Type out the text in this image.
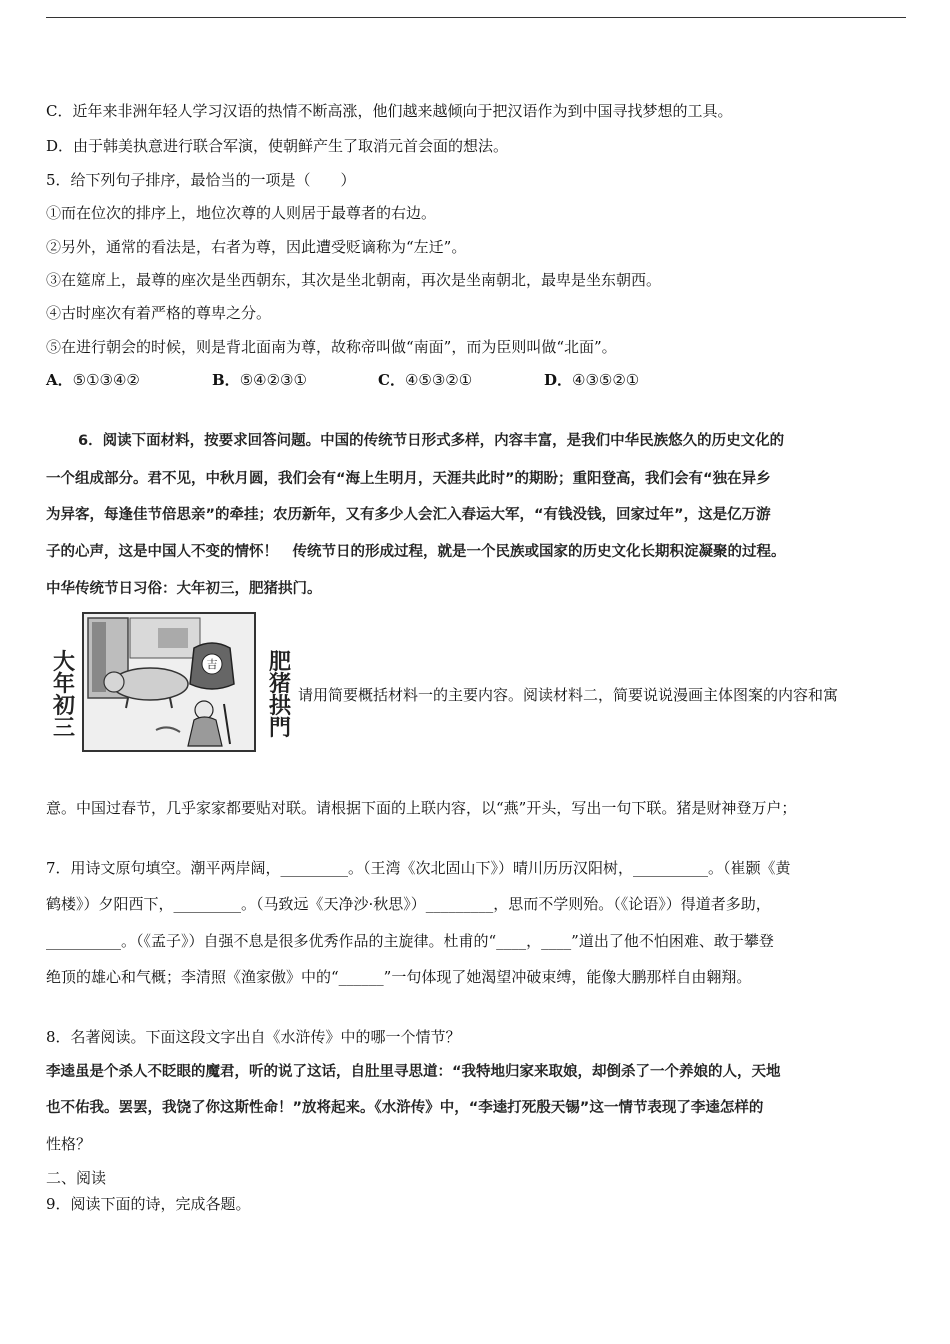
C．近年来非洲年轻人学习汉语的热情不断高涨，他们越来越倾向于把汉语作为到中国寻找梦想的工具。

D．由于韩美执意进行联合军演，使朝鲜产生了取消元首会面的想法。

5．给下列句子排序，最恰当的一项是（　　）

①而在位次的排序上，地位次尊的人则居于最尊者的右边。

②另外，通常的看法是，右者为尊，因此遭受贬谪称为“左迁”。

③在筵席上，最尊的座次是坐西朝东，其次是坐北朝南，再次是坐南朝北，最卑是坐东朝西。

④古时座次有着严格的尊卑之分。

⑤在进行朝会的时候，则是背北面南为尊，故称帝叫做“南面”，而为臣则叫做“北面”。

A．⑤①③④②	B．⑤④②③①	C．④⑤③②①	D．④③⑤②①

6．阅读下面材料，按要求回答问题。中国的传统节日形式多样，内容丰富，是我们中华民族悠久的历史文化的

一个组成部分。君不见，中秋月圆，我们会有“海上生明月，天涯共此时”的期盼；重阳登高，我们会有“独在异乡

为异客，每逢佳节倍思亲”的牵挂；农历新年，又有多少人会汇入春运大军，“有钱没钱，回家过年”，这是亿万游

子的心声，这是中国人不变的情怀！　传统节日的形成过程，就是一个民族或国家的历史文化长期积淀凝聚的过程。

中华传统节日习俗：大年初三，肥猪拱门。

大年初三
吉 肥猪拱門

请用简要概括材料一的主要内容。阅读材料二，简要说说漫画主体图案的内容和寓

意。中国过春节，几乎家家都要贴对联。请根据下面的上联内容，以“燕”开头，写出一句下联。猪是财神登万户；

7．用诗文原句填空。潮平两岸阔，_________。（王湾《次北固山下》）晴川历历汉阳树，__________。（崔颢《黄

鹤楼》）夕阳西下，_________。（马致远《天净沙·秋思》）_________，思而不学则殆。（《论语》）得道者多助，

__________。（《孟子》）自强不息是很多优秀作品的主旋律。杜甫的“____，____”道出了他不怕困难、敢于攀登

绝顶的雄心和气概；李清照《渔家傲》中的“______”一句体现了她渴望冲破束缚，能像大鹏那样自由翱翔。

8．名著阅读。下面这段文字出自《水浒传》中的哪一个情节？

李逵虽是个杀人不眨眼的魔君，听的说了这话，自肚里寻思道：“我特地归家来取娘，却倒杀了一个养娘的人，天地

也不佑我。罢罢，我饶了你这斯性命！”放将起来。《水浒传》中，“李逵打死殷天锡”这一情节表现了李逵怎样的

性格？

二、阅读

9．阅读下面的诗，完成各题。
